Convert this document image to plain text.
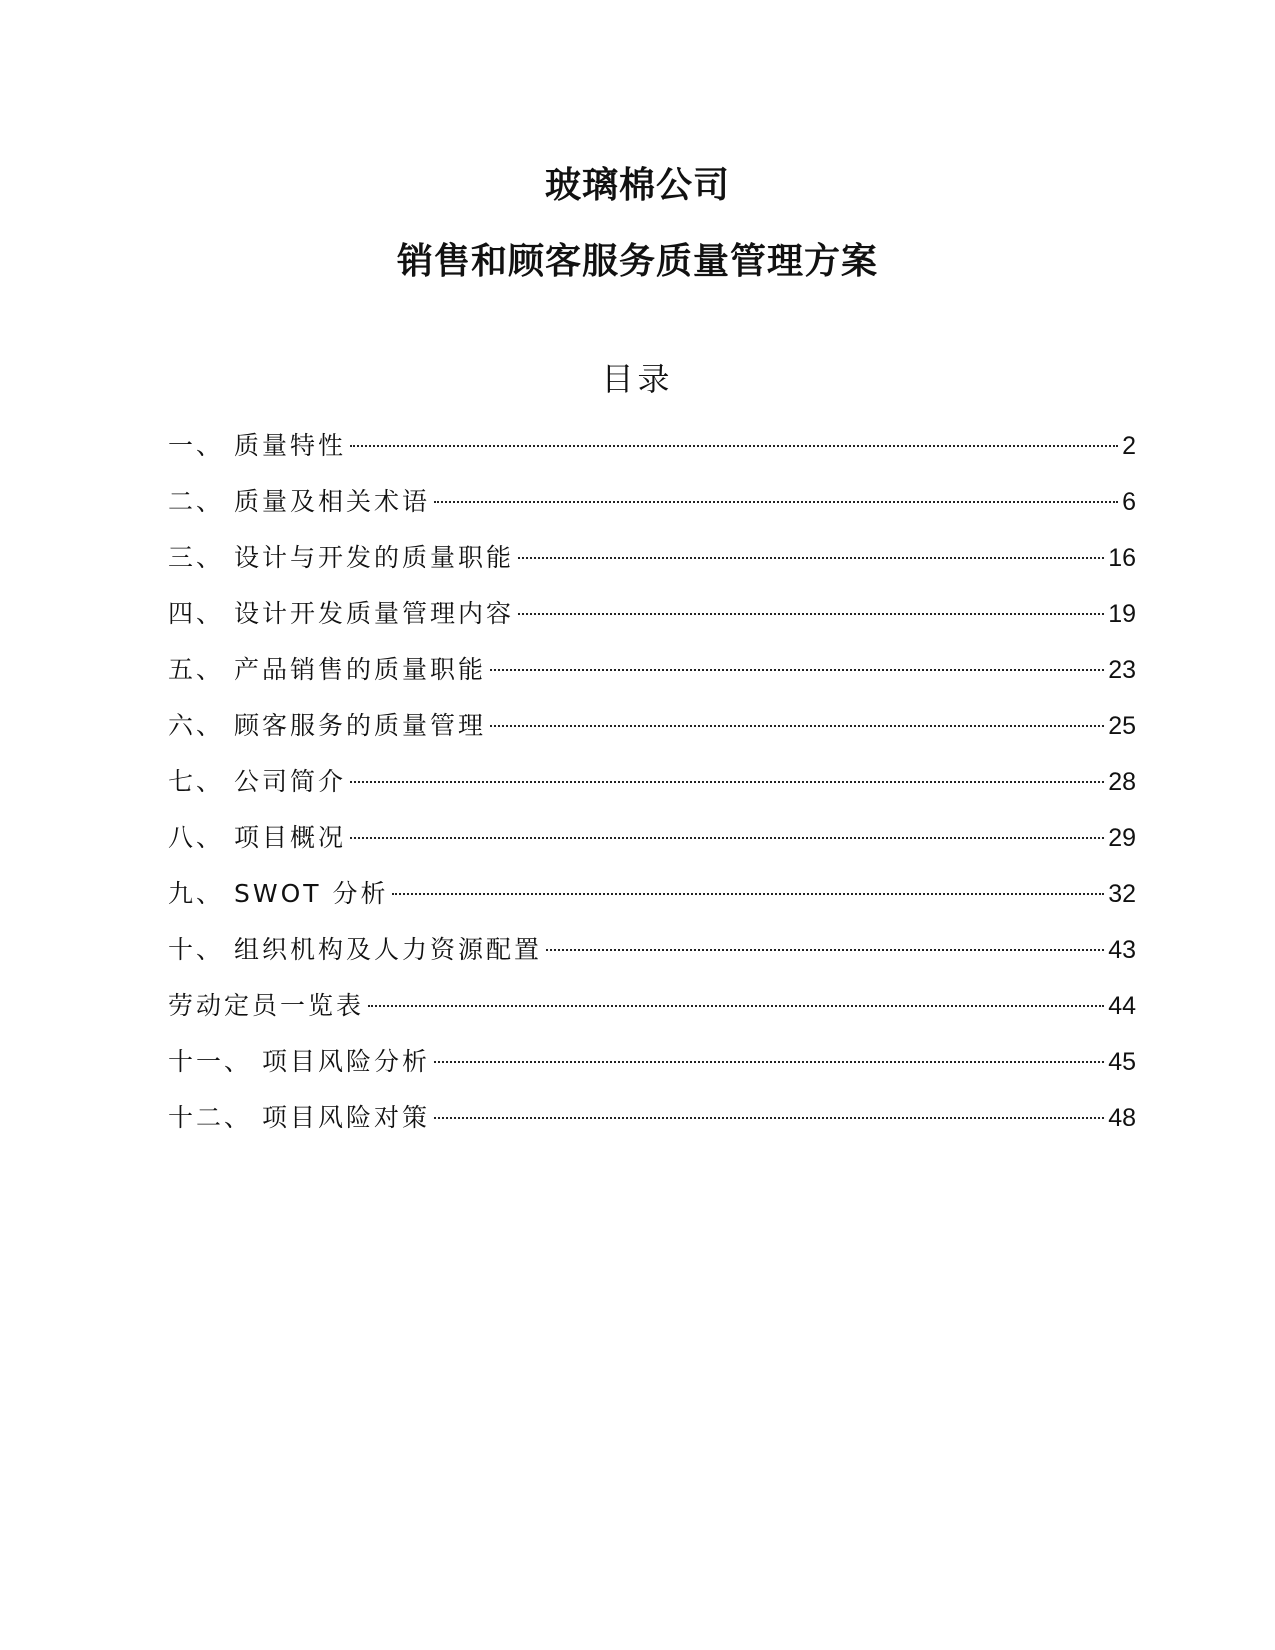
玻璃棉公司
销售和顾客服务质量管理方案
目录
一、 质量特性	2
二、 质量及相关术语	6
三、 设计与开发的质量职能	16
四、 设计开发质量管理内容	19
五、 产品销售的质量职能	23
六、 顾客服务的质量管理	25
七、 公司简介	28
八、 项目概况	29
九、 SWOT 分析	32
十、 组织机构及人力资源配置	43
劳动定员一览表	44
十一、 项目风险分析	45
十二、 项目风险对策	48
